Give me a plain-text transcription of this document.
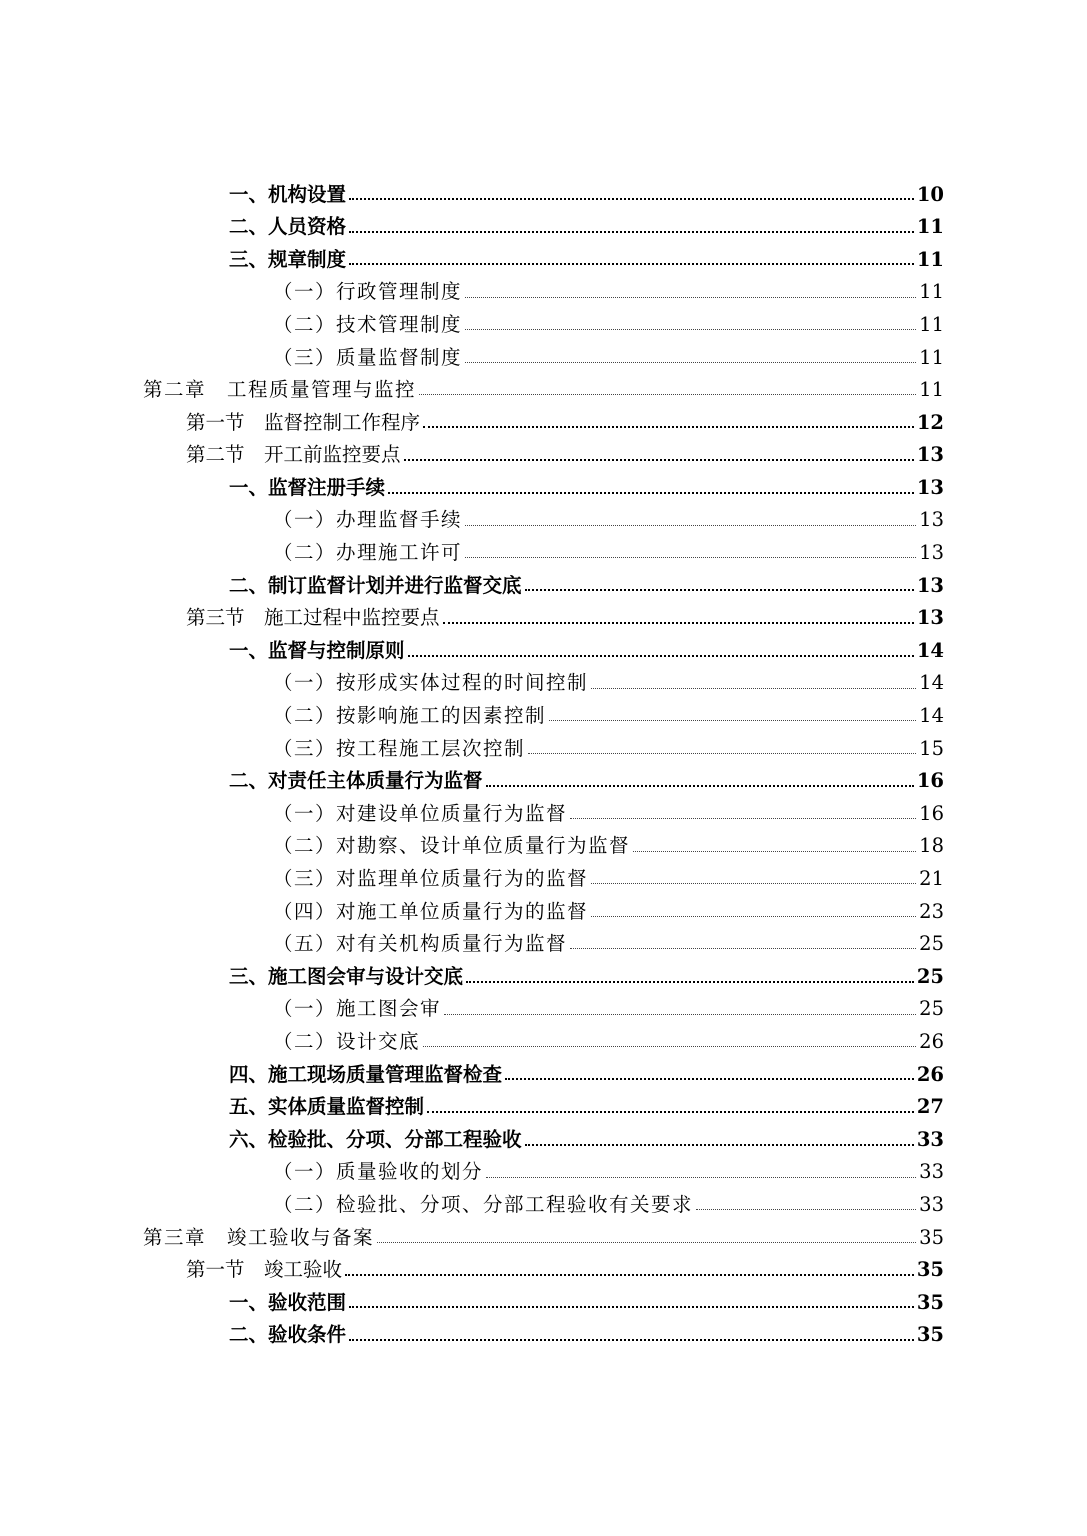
一、机构设置	10
二、人员资格	11
三、规章制度	11
（一）行政管理制度	11
（二）技术管理制度	11
（三）质量监督制度	11
第二章　工程质量管理与监控	11
第一节　监督控制工作程序	12
第二节　开工前监控要点	13
一、监督注册手续	13
（一）办理监督手续	13
（二）办理施工许可	13
二、制订监督计划并进行监督交底	13
第三节　施工过程中监控要点	13
一、监督与控制原则	14
（一）按形成实体过程的时间控制	14
（二）按影响施工的因素控制	14
（三）按工程施工层次控制	15
二、对责任主体质量行为监督	16
（一）对建设单位质量行为监督	16
（二）对勘察、设计单位质量行为监督	18
（三）对监理单位质量行为的监督	21
（四）对施工单位质量行为的监督	23
（五）对有关机构质量行为监督	25
三、施工图会审与设计交底	25
（一）施工图会审	25
（二）设计交底	26
四、施工现场质量管理监督检查	26
五、实体质量监督控制	27
六、检验批、分项、分部工程验收	33
（一）质量验收的划分	33
（二）检验批、分项、分部工程验收有关要求	33
第三章　竣工验收与备案	35
第一节　竣工验收	35
一、验收范围	35
二、验收条件	35
